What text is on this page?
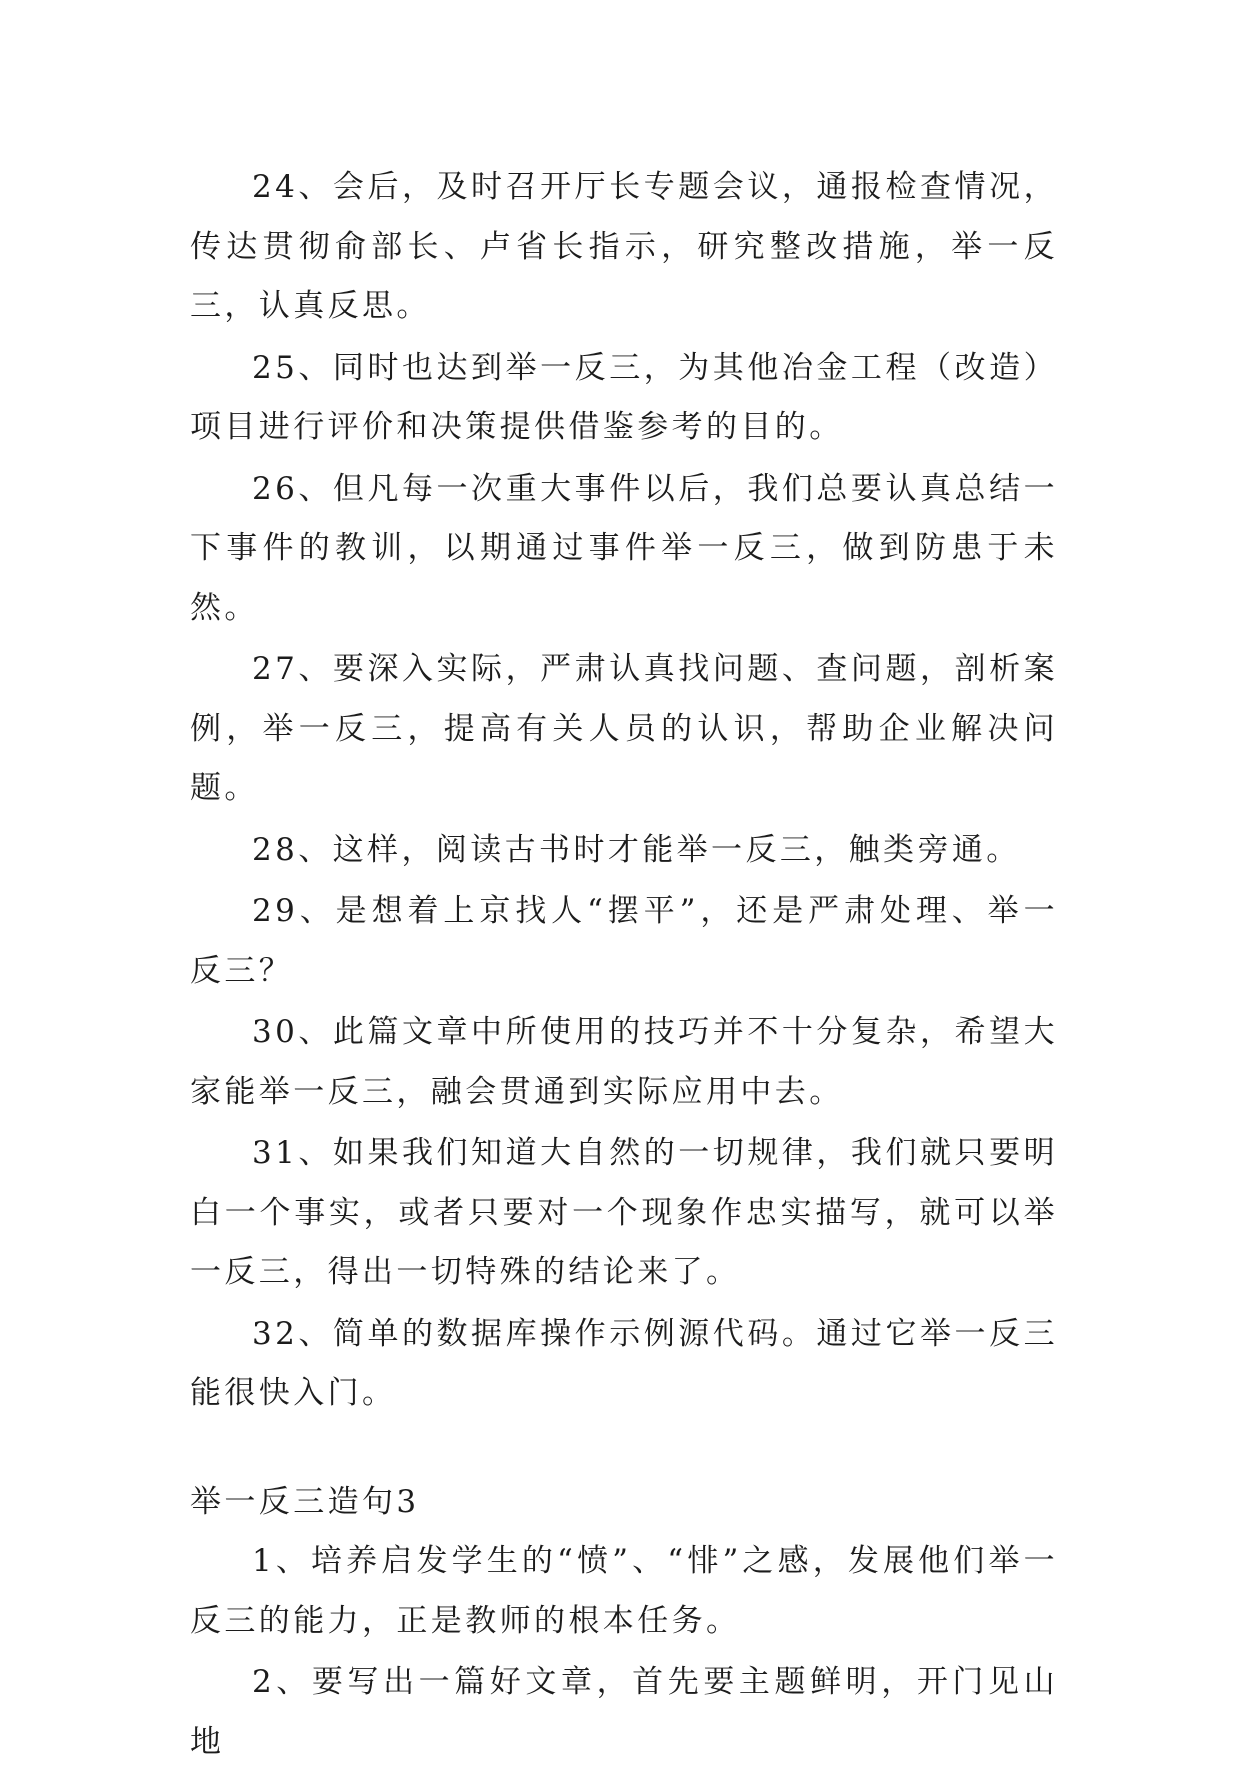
24、会后，及时召开厅长专题会议，通报检查情况，传达贯彻俞部长、卢省长指示，研究整改措施，举一反三，认真反思。

25、同时也达到举一反三，为其他冶金工程（改造）项目进行评价和决策提供借鉴参考的目的。

26、但凡每一次重大事件以后，我们总要认真总结一下事件的教训，以期通过事件举一反三，做到防患于未然。

27、要深入实际，严肃认真找问题、查问题，剖析案例，举一反三，提高有关人员的认识，帮助企业解决问题。

28、这样，阅读古书时才能举一反三，触类旁通。

29、是想着上京找人“摆平”，还是严肃处理、举一反三？

30、此篇文章中所使用的技巧并不十分复杂，希望大家能举一反三，融会贯通到实际应用中去。

31、如果我们知道大自然的一切规律，我们就只要明白一个事实，或者只要对一个现象作忠实描写，就可以举一反三，得出一切特殊的结论来了。

32、简单的数据库操作示例源代码。通过它举一反三能很快入门。

举一反三造句3

1、培养启发学生的“愤”、“悱”之感，发展他们举一反三的能力，正是教师的根本任务。

2、要写出一篇好文章，首先要主题鲜明，开门见山地
